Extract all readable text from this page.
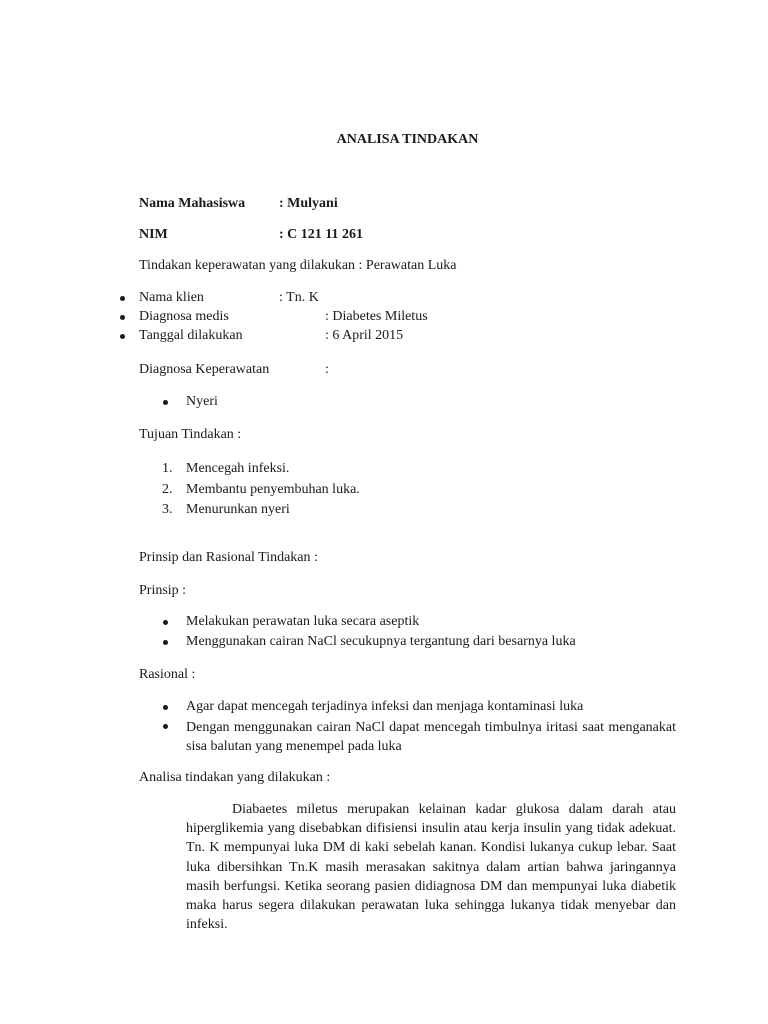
ANALISA TINDAKAN
Nama Mahasiswa : Mulyani
NIM	: C 121 11 261
Tindakan keperawatan yang dilakukan : Perawatan Luka
Nama klien	: Tn. K
Diagnosa medis	: Diabetes Miletus
Tanggal dilakukan	: 6 April 2015
Diagnosa Keperawatan	:
Nyeri
Tujuan Tindakan :
1. Mencegah infeksi.
2. Membantu penyembuhan luka.
3. Menurunkan nyeri
Prinsip dan Rasional Tindakan :
Prinsip :
Melakukan perawatan luka secara aseptik
Menggunakan cairan NaCl secukupnya tergantung dari besarnya luka
Rasional :
Agar dapat mencegah terjadinya infeksi dan menjaga kontaminasi luka
Dengan menggunakan cairan NaCl dapat mencegah timbulnya iritasi saat menganakat sisa balutan yang menempel pada luka
Analisa tindakan yang dilakukan :
Diabaetes miletus merupakan kelainan kadar glukosa dalam darah atau hiperglikemia yang disebabkan difisiensi insulin atau kerja insulin yang tidak adekuat. Tn. K mempunyai luka DM di kaki sebelah kanan. Kondisi lukanya cukup lebar. Saat luka dibersihkan Tn.K masih merasakan sakitnya dalam artian bahwa jaringannya masih berfungsi. Ketika seorang pasien didiagnosa DM dan mempunyai luka diabetik maka harus segera dilakukan perawatan luka sehingga lukanya tidak menyebar dan infeksi.
